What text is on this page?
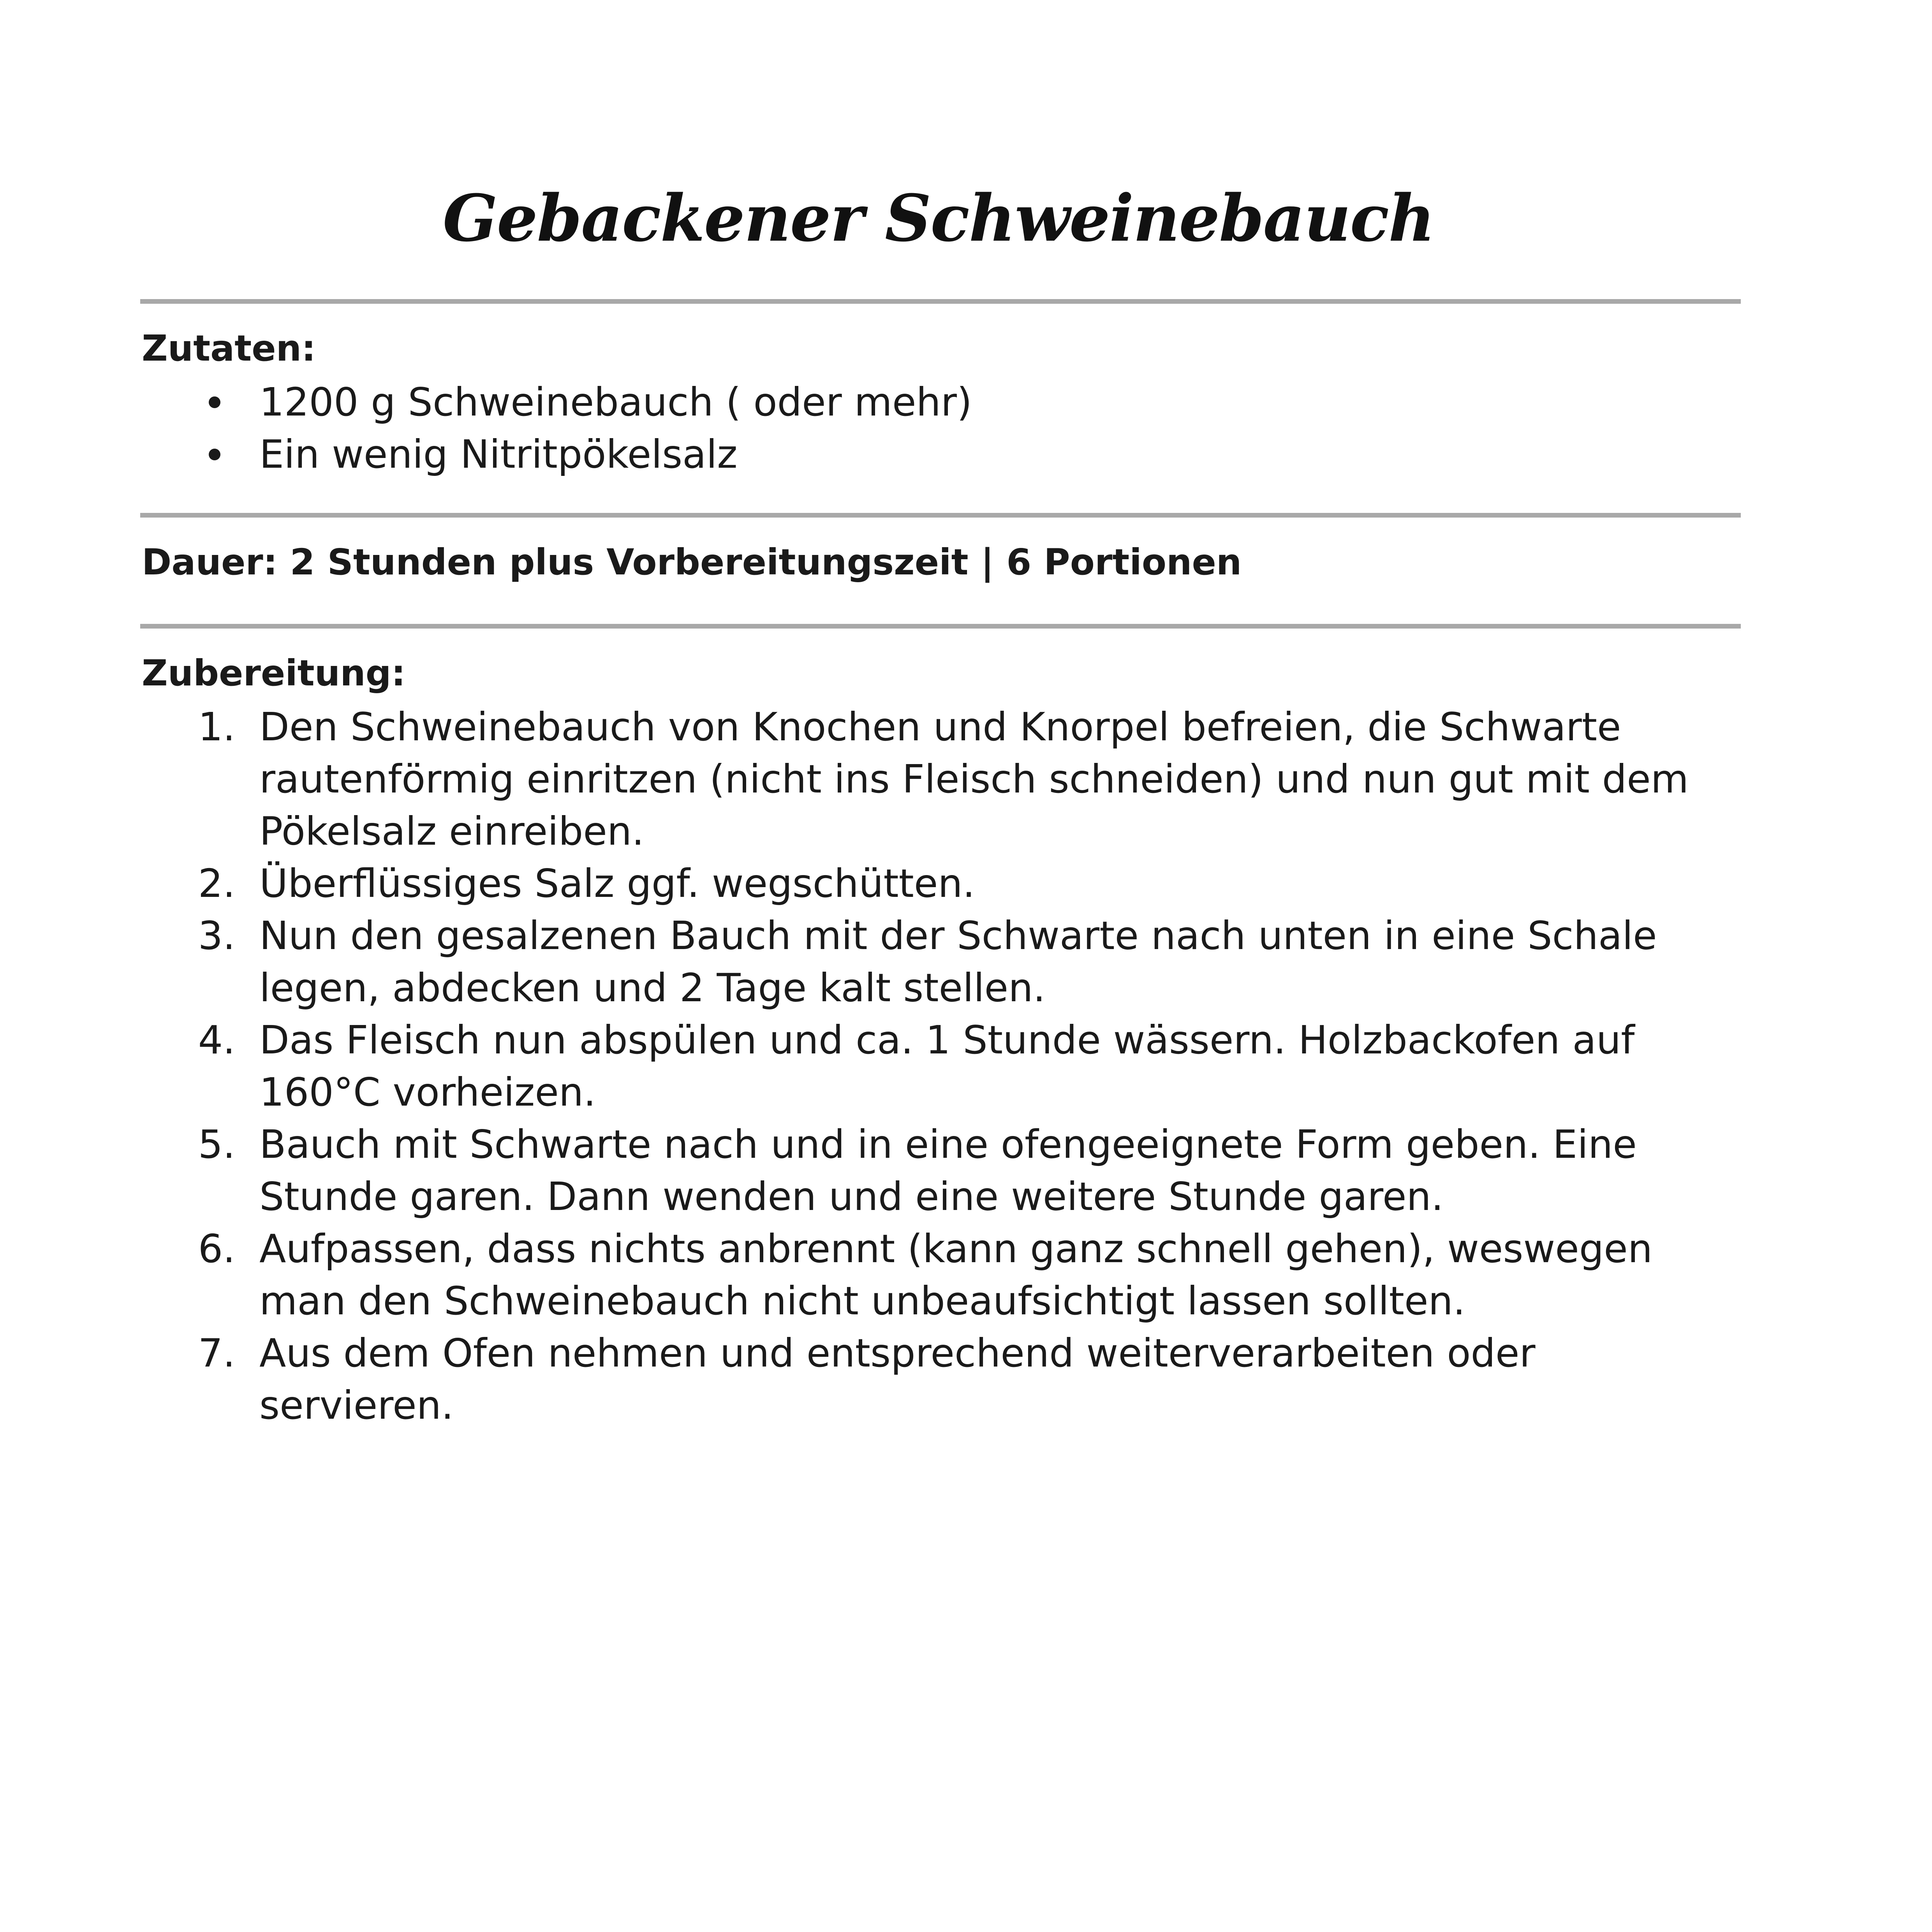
Gebackener Schweinebauch
Zutaten:
1200 g Schweinebauch ( oder mehr)
Ein wenig Nitritpökelsalz
Dauer: 2 Stunden plus Vorbereitungszeit | 6 Portionen
Zubereitung:
1. Den Schweinebauch von Knochen und Knorpel befreien, die Schwarte rautenförmig einritzen (nicht ins Fleisch schneiden) und nun gut mit dem Pökelsalz einreiben.
2. Überflüssiges Salz ggf. wegschütten.
3. Nun den gesalzenen Bauch mit der Schwarte nach unten in eine Schale legen, abdecken und 2 Tage kalt stellen.
4. Das Fleisch nun abspülen und ca. 1 Stunde wässern. Holzbackofen auf 160°C vorheizen.
5. Bauch mit Schwarte nach und in eine ofengeeignete Form geben. Eine Stunde garen. Dann wenden und eine weitere Stunde garen.
6. Aufpassen, dass nichts anbrennt (kann ganz schnell gehen), weswegen man den Schweinebauch nicht unbeaufsichtigt lassen sollten.
7. Aus dem Ofen nehmen und entsprechend weiterverarbeiten oder servieren.
